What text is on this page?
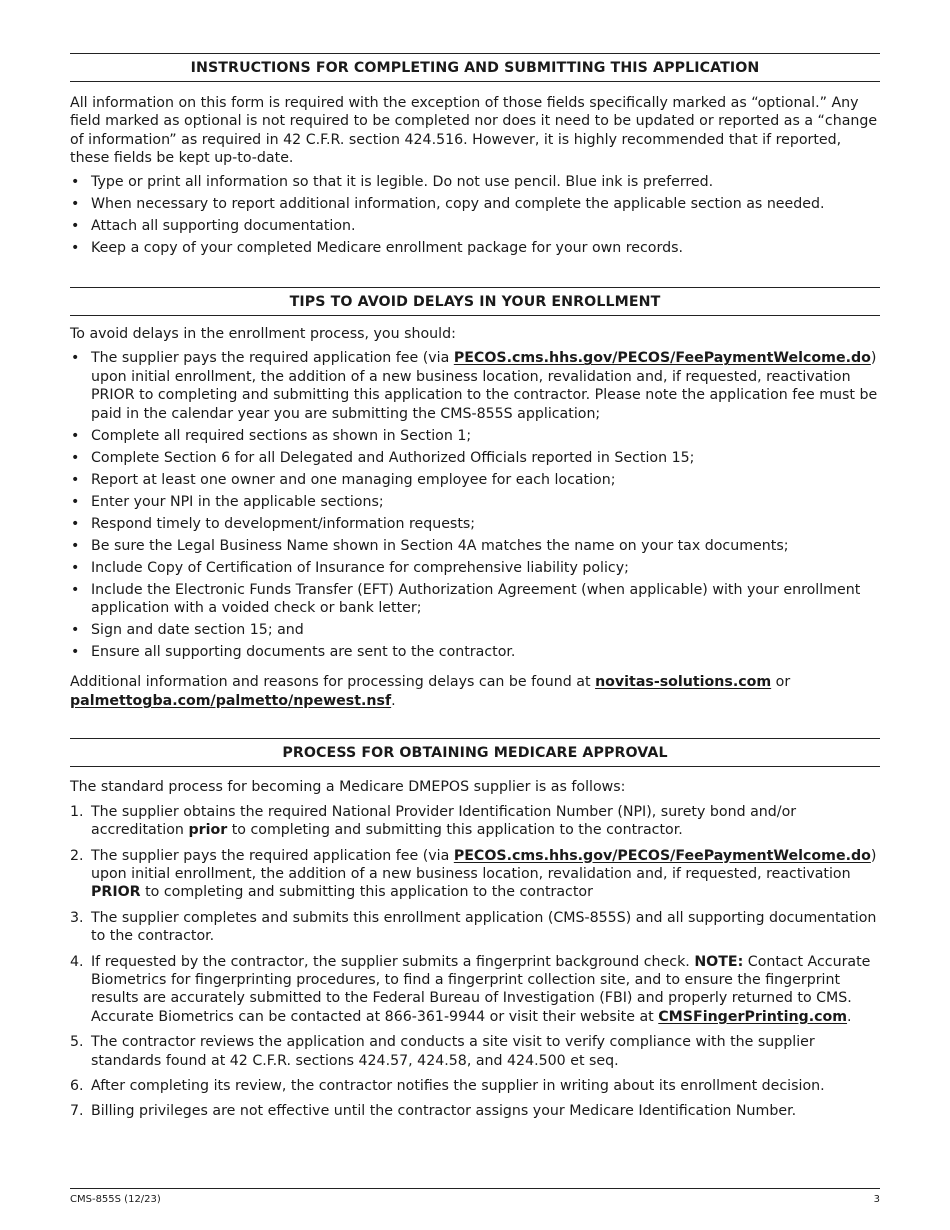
INSTRUCTIONS FOR COMPLETING AND SUBMITTING THIS APPLICATION

All information on this form is required with the exception of those fields specifically marked as “optional.” Any field marked as optional is not required to be completed nor does it need to be updated or reported as a “change of information” as required in 42 C.F.R. section 424.516. However, it is highly recommended that if reported, these fields be kept up-to-date.

• Type or print all information so that it is legible. Do not use pencil. Blue ink is preferred.
• When necessary to report additional information, copy and complete the applicable section as needed.
• Attach all supporting documentation.
• Keep a copy of your completed Medicare enrollment package for your own records.
TIPS TO AVOID DELAYS IN YOUR ENROLLMENT

To avoid delays in the enrollment process, you should:

• The supplier pays the required application fee (via PECOS.cms.hhs.gov/PECOS/FeePaymentWelcome.do) upon initial enrollment, the addition of a new business location, revalidation and, if requested, reactivation PRIOR to completing and submitting this application to the contractor. Please note the application fee must be paid in the calendar year you are submitting the CMS-855S application;
• Complete all required sections as shown in Section 1;
• Complete Section 6 for all Delegated and Authorized Officials reported in Section 15;
• Report at least one owner and one managing employee for each location;
• Enter your NPI in the applicable sections;
• Respond timely to development/information requests;
• Be sure the Legal Business Name shown in Section 4A matches the name on your tax documents;
• Include Copy of Certification of Insurance for comprehensive liability policy;
• Include the Electronic Funds Transfer (EFT) Authorization Agreement (when applicable) with your enrollment application with a voided check or bank letter;
• Sign and date section 15; and
• Ensure all supporting documents are sent to the contractor.

Additional information and reasons for processing delays can be found at novitas-solutions.com or palmettogba.com/palmetto/npewest.nsf.

PROCESS FOR OBTAINING MEDICARE APPROVAL

The standard process for becoming a Medicare DMEPOS supplier is as follows:

1. The supplier obtains the required National Provider Identification Number (NPI), surety bond and/or accreditation prior to completing and submitting this application to the contractor.
2. The supplier pays the required application fee (via PECOS.cms.hhs.gov/PECOS/FeePaymentWelcome.do) upon initial enrollment, the addition of a new business location, revalidation and, if requested, reactivation PRIOR to completing and submitting this application to the contractor
3. The supplier completes and submits this enrollment application (CMS-855S) and all supporting documentation to the contractor.
4. If requested by the contractor, the supplier submits a fingerprint background check. NOTE: Contact Accurate Biometrics for fingerprinting procedures, to find a fingerprint collection site, and to ensure the fingerprint results are accurately submitted to the Federal Bureau of Investigation (FBI) and properly returned to CMS. Accurate Biometrics can be contacted at 866-361-9944 or visit their website at CMSFingerPrinting.com.
5. The contractor reviews the application and conducts a site visit to verify compliance with the supplier standards found at 42 C.F.R. sections 424.57, 424.58, and 424.500 et seq.
6. After completing its review, the contractor notifies the supplier in writing about its enrollment decision.
7. Billing privileges are not effective until the contractor assigns your Medicare Identification Number.
CMS-855S (12/23)	3
